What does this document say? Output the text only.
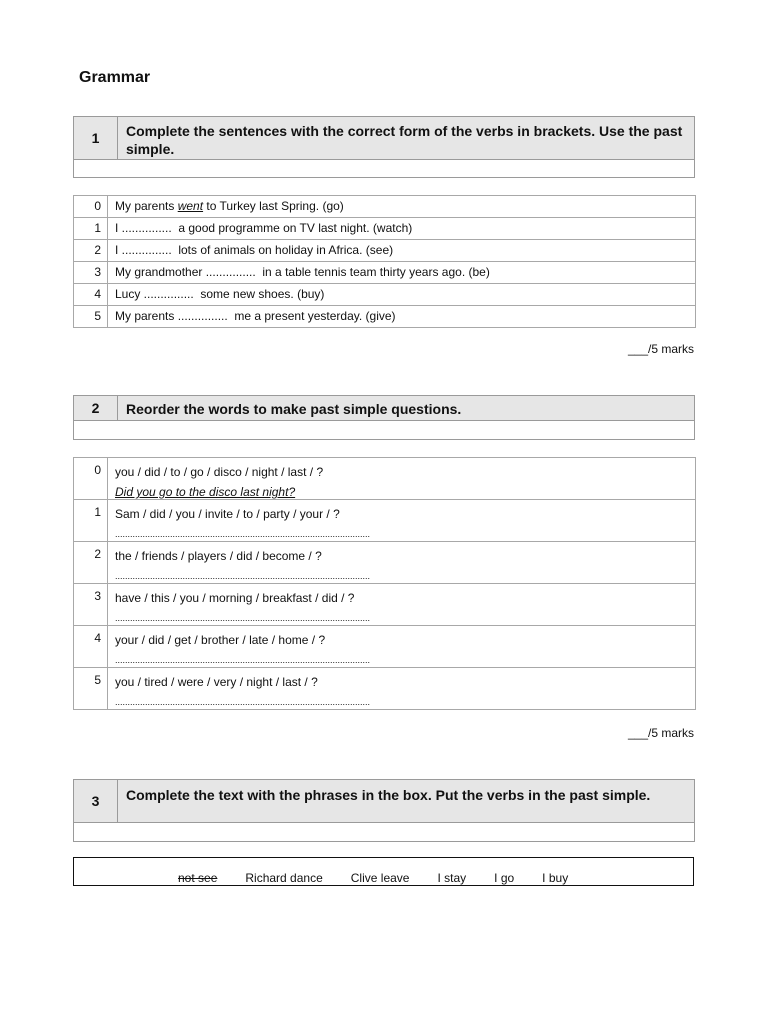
Grammar
1	Complete the sentences with the correct form of the verbs in brackets. Use the past simple.
0	My parents went to Turkey last Spring. (go)
1	I ...............  a good programme on TV last night. (watch)
2	I ...............  lots of animals on holiday in Africa. (see)
3	My grandmother ...............  in a table tennis team thirty years ago. (be)
4	Lucy ...............  some new shoes. (buy)
5	My parents ...............  me a present yesterday. (give)
___/5 marks
2	Reorder the words to make past simple questions.
0	you / did / to / go / disco / night / last / ?
Did you go to the disco last night?
1	Sam / did / you / invite / to / party / your / ?
......................................................................................................
2	the / friends / players / did / become / ?
......................................................................................................
3	have / this / you / morning / breakfast / did / ?
......................................................................................................
4	your / did / get / brother / late / home / ?
......................................................................................................
5	you / tired / were / very / night / last / ?
......................................................................................................
___/5 marks
3	Complete the text with the phrases in the box. Put the verbs in the past simple.
not see Richard dance Clive leave I stay I go I buy
